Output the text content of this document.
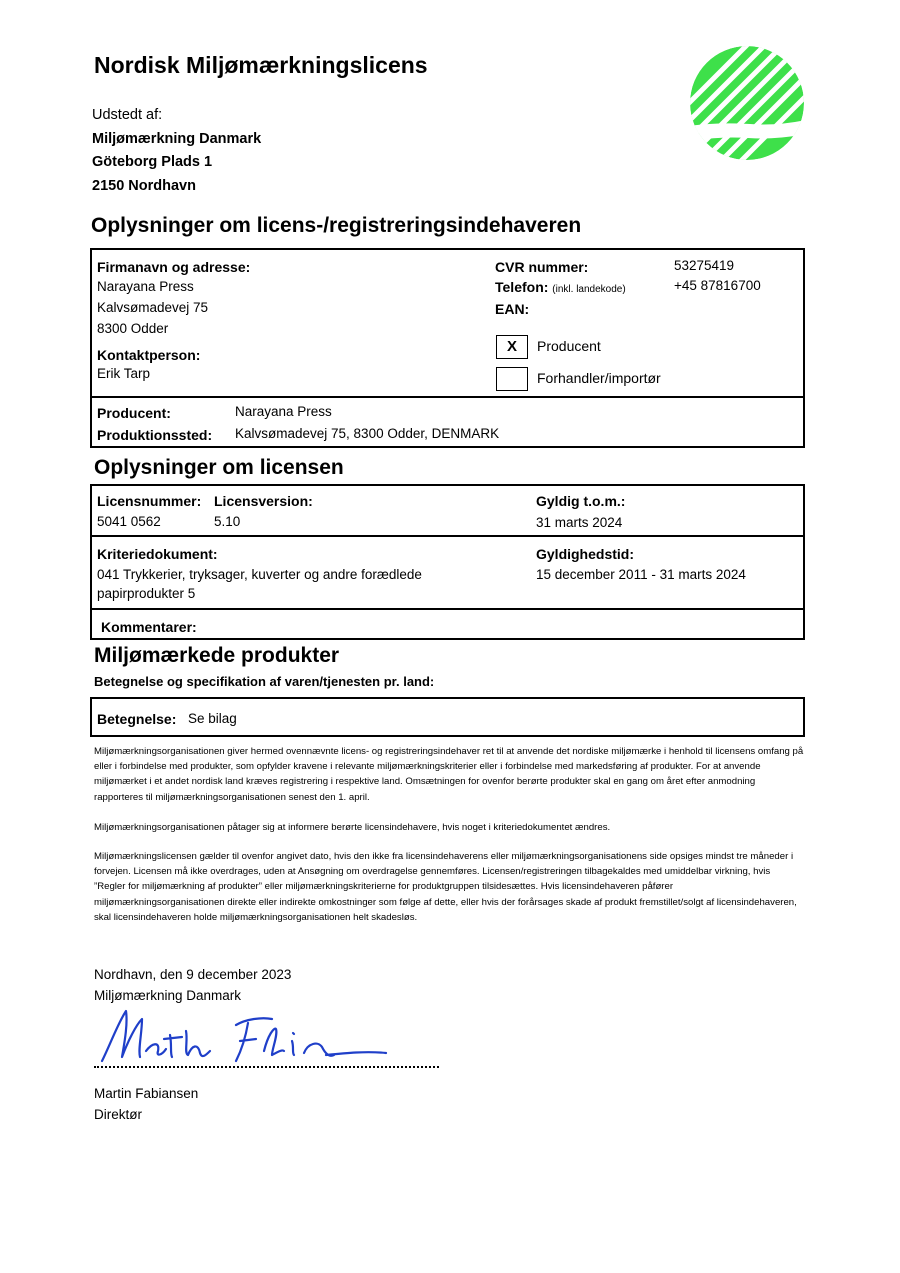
Nordisk Miljømærkningslicens
Udstedt af:
Miljømærkning Danmark
Göteborg Plads 1
2150 Nordhavn
Oplysninger om licens-/registreringsindehaveren
Firmanavn og adresse:
Narayana Press
Kalvsømadevej 75
8300 Odder
Kontaktperson:
Erik Tarp
CVR nummer:	53275419
Telefon: (inkl. landekode)	+45 87816700
EAN:
X	Producent
Forhandler/importør
Producent:	Narayana Press
Produktionssted: Kalvsømadevej 75, 8300 Odder, DENMARK
Oplysninger om licensen
Licensnummer:
5041 0562
Licensversion:
5.10
Gyldig t.o.m.:
31 marts 2024
Kriteriedokument:
041 Trykkerier, tryksager, kuverter og andre forædlede
papirprodukter 5
Gyldighedstid:
15 december 2011 - 31 marts 2024
Kommentarer:
Miljømærkede produkter
Betegnelse og specifikation af varen/tjenesten pr. land:
Betegnelse: Se bilag
Miljømærkningsorganisationen giver hermed ovennævnte licens- og registreringsindehaver ret til at anvende det nordiske miljømærke i henhold til licensens omfang på eller i forbindelse med produkter, som opfylder kravene i relevante miljømærkningskriterier eller i forbindelse med markedsføring af produkter. For at anvende miljømærket i et andet nordisk land kræves registrering i respektive land. Omsætningen for ovenfor berørte produkter skal en gang om året efter anmodning rapporteres til miljømærkningsorganisationen senest den 1. april.
Miljømærkningsorganisationen påtager sig at informere berørte licensindehavere, hvis noget i kriteriedokumentet ændres.
Miljømærkningslicensen gælder til ovenfor angivet dato, hvis den ikke fra licensindehaverens eller miljømærkningsorganisationens side opsiges mindst tre måneder i forvejen. Licensen må ikke overdrages, uden at Ansøgning om overdragelse gennemføres. Licensen/registreringen tilbagekaldes med umiddelbar virkning, hvis ”Regler for miljømærkning af produkter” eller miljømærkningskriterierne for produktgruppen tilsidesættes. Hvis licensindehaveren påfører miljømærkningsorganisationen direkte eller indirekte omkostninger som følge af dette, eller hvis der forårsages skade af produkt fremstillet/solgt af licensindehaveren, skal licensindehaveren holde miljømærkningsorganisationen helt skadesløs.
Nordhavn, den 9 december 2023
Miljømærkning Danmark
Martin Fabiansen
Direktør
